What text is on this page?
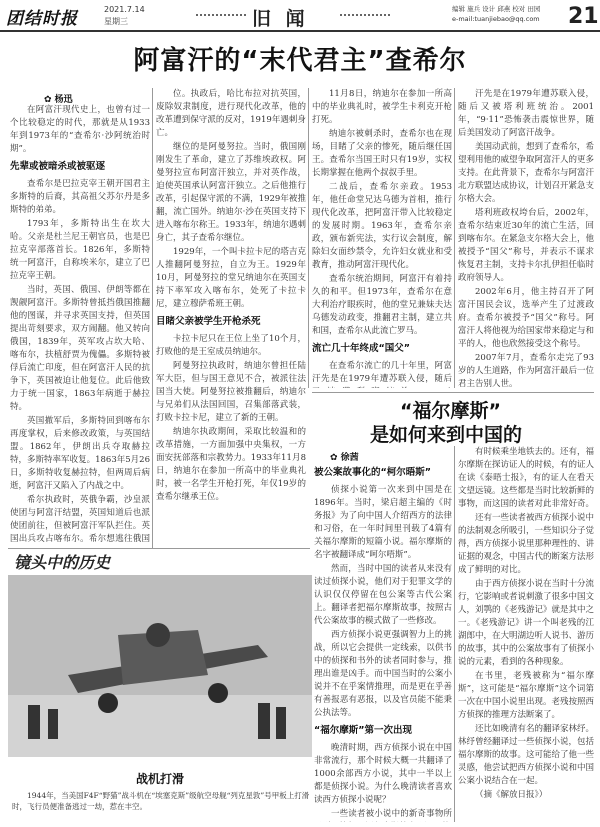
团结时报	2021.7.14
星期三	旧 闻	编辑 施兵 设计 邱燕 校对 田园
e-mail:tuanjiebao@qq.com 21
阿富汗的“末代君主”查希尔
✿ 杨迅

在阿富汗现代史上，也曾有过一个比较稳定的时代，那就是从1933年到1973年的“查希尔·沙阿统治时期”。

先辈或被暗杀或被驱逐

查希尔是巴拉克宰王朝开国君主多斯特的后裔，其高祖父苏尔丹是多斯特的弟弟。

1793年，多斯特出生在坎大哈。父亲是杜兰尼王朝官员，也是巴拉克宰部落首长。1826年，多斯特统一阿富汗，自称埃米尔，建立了巴拉克宰王朝。

当时，英国、俄国、伊朗等都在觊觎阿富汗。多斯特曾抵挡俄国推翻他的图谋，并寻求英国支持，但英国提出苛刻要求，双方闹翻。他又转向俄国，1839年，英军攻占坎大哈、喀布尔，扶植舒贾为傀儡。多斯特被俘后流亡印度，但在阿富汗人民的抗争下，英国被迫让他复位。此后他致力于统一国家，1863年病逝于赫拉特。

英国撤军后，多斯特回到喀布尔再度掌权，后来修改政策，与英国结盟。1862年，伊朗出兵夺取赫拉特，多斯特率军收复。1863年5月26日，多斯特收复赫拉特，但两周后病逝，阿富汗又陷入了内战之中。

希尔执政时，英俄争霸，沙皇派使团与阿富汗结盟，英国知道后也派使团前往，但被阿富汗军队拦住。英国出兵攻占喀布尔。希尔想逃往俄国

位。执政后，哈比布拉对抗英国，废除奴隶制度，进行现代化改革，他的改革遭到保守派的反对，1919年遇刺身亡。

继位的是阿曼努拉。当时，俄国刚刚发生了革命，建立了苏维埃政权。阿曼努拉宣布阿富汗独立，并对英作战，迫使英国承认阿富汗独立。之后他推行改革，引起保守派的不满，1929年被推翻，流亡国外。纳迪尔·沙在英国支持下进入喀布尔称王。1933年，纳迪尔遇刺身亡，其子查希尔继位。

1929年，一个叫卡拉卡尼的塔吉克人推翻阿曼努拉，自立为王。1929年10月，阿曼努拉的堂兄纳迪尔在英国支持下率军攻入喀布尔，处死了卡拉卡尼，建立穆萨希班王朝。

目睹父亲被学生开枪杀死

卡拉卡尼只在王位上坐了10个月，打败他的是王室成员纳迪尔。

阿曼努拉执政时，纳迪尔曾担任陆军大臣，但与国王意见不合，被派往法国当大使。阿曼努拉被推翻后，纳迪尔与兄弟们从法国回国，召集部落武装，打败卡拉卡尼，建立了新的王朝。

纳迪尔执政期间，采取比较温和的改革措施，一方面加强中央集权，一方面安抚部落和宗教势力。1933年11月8日，纳迪尔在参加一所高中的毕业典礼时，被一名学生开枪打死，年仅19岁的查希尔继承王位。

11月8日，纳迪尔在参加一所高中的毕业典礼时，被学生卡利克开枪打死。

纳迪尔被刺杀时，查希尔也在现场，目睹了父亲的惨死，随后继任国王。查希尔当国王时只有19岁，实权长期掌握在他两个叔叔手里。

二战后，查希尔亲政。1953年，他任命堂兄达乌德为首相，推行现代化改革，把阿富汗带入比较稳定的发展时期。1963年，查希尔亲政，颁布新宪法，实行议会制度，解除妇女面纱禁令，允许妇女就业和受教育，推动阿富汗现代化。

查希尔统治期间，阿富汗有着持久的和平。但1973年，查希尔在意大利治疗眼疾时，他的堂兄兼妹夫达乌德发动政变，推翻君主制，建立共和国，查希尔从此流亡罗马。

流亡几十年终成“国父”

在查希尔流亡的几十年里，阿富汗先是在1979年遭苏联入侵，随后

汗先是在1979年遭苏联入侵，随后又被塔利班统治。2001年，“9·11”恐怖袭击震惊世界，随后美国发动了阿富汗战争。

美国动武前，想到了查希尔，希望利用他的威望争取阿富汗人的更多支持。在此背景下，查希尔与阿富汗北方联盟达成协议，计划召开紧急支尔格大会。

塔利班政权垮台后，2002年，查希尔结束近30年的流亡生活，回到喀布尔。在紧急支尔格大会上，他被授予“国父”称号，并表示不谋求恢复君主制，支持卡尔扎伊担任临时政府领导人。

2002年6月，他主持召开了阿富汗国民会议，选举产生了过渡政府。查希尔被授予“国父”称号。阿富汗人将他视为给国家带来稳定与和平的人，他也欣然接受这个称号。

2007年7月，查希尔走完了93岁的人生道路，作为阿富汗最后一位君主告别人世。

“福尔摩斯”
是如何来到中国的
✿ 徐茜
被公案故事化的“柯尔晤斯”

侦探小说第一次来到中国是在1896年。当时，梁启超主编的《时务报》为了向中国人介绍西方的法律和习俗，在一年时间里刊载了4篇有关福尔摩斯的短篇小说。福尔摩斯的名字被翻译成“呵尔唔斯”。

然而，当时中国的读者从来没有读过侦探小说，他们对于犯罪文学的认识仅仅停留在包公案等古代公案上。翻译者把福尔摩斯故事，按照古代公案故事的模式做了一些修改。

西方侦探小说更强调智力上的挑战，所以它会提供一定线索，以供书中的侦探和书外的读者同时参与，推理出谁是凶手。而中国当时的公案小说并不在乎案情推理，而是更在乎善有善报恶有恶报，以及官员能不能秉公执法等。

“福尔摩斯”第一次出现

晚清时期，西方侦探小说在中国非常流行，那个时候大概一共翻译了1000余部西方小说，其中一半以上都是侦探小说。为什么晚清读者喜欢读西方侦探小说呢？

一些读者被小说中的新奇事物所

有时候乘坐地铁去的。还有，福尔摩斯在探访证人的时候，有的证人在读《泰晤士报》，有的证人在看天文望远镜。这些都是当时比较新鲜的事物，而这国的读者对此非常好奇。

还有一些读者被西方侦探小说中的法制观念所吸引，一些知识分子觉得，西方侦探小说里那种理性的、讲证据的观念，中国古代的断案方法形成了鲜明的对比。

由于西方侦探小说在当时十分流行，它影响或者说刺激了很多中国文人，刘鹗的《老残游记》就是其中之一。《老残游记》讲一个叫老残的江湖郎中，在大明湖边听人说书、游历的故事，其中的公案故事有了侦探小说的元素，看到的各种现象。

在书里，老残被称为“福尔摩斯”，这可能是“福尔摩斯”这个词第一次在中国小说里出现。老残按照西方侦探的推理方法断案了。

还比如晚清有名的翻译家林纾。林纾曾经翻译过一些侦探小说，包括福尔摩斯的故事。这可能给了他一些灵感，他尝试把西方侦探小说和中国公案小说结合在一起。

（摘《解放日报》）

镜头中的历史
战机打滑
1944年，当美国F4F“野猫”战斗机在“埃塞克斯”级航空母舰“列克星敦”号甲板上打滑时，飞行员便准备逃过一劫，惹在丰空。
